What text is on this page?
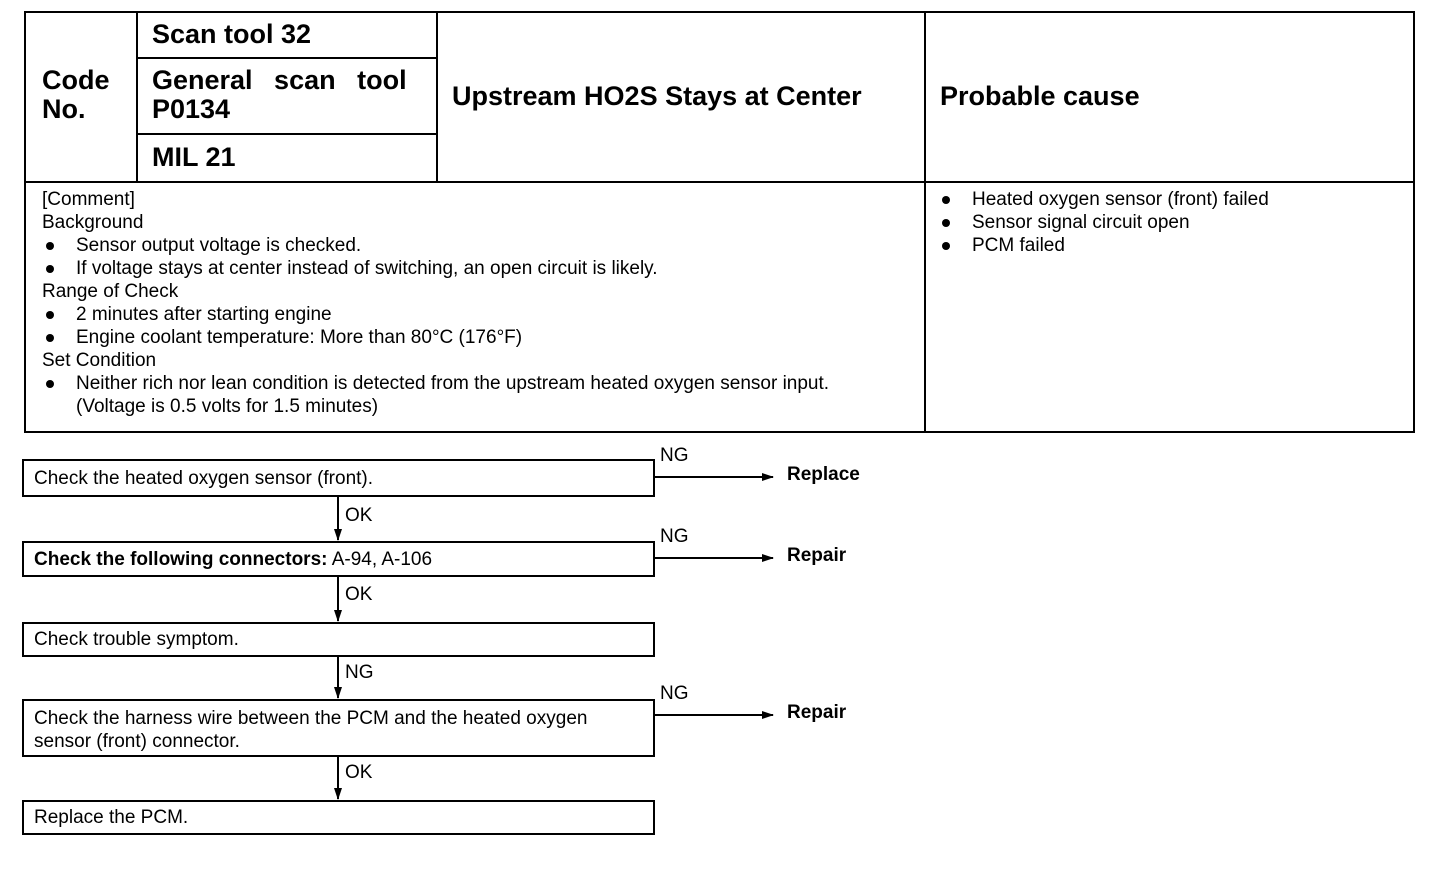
Code No.
Scan tool 32
General scan tool P0134
MIL 21
Upstream HO2S Stays at Center	Probable cause
[Comment]
Background
Sensor output voltage is checked.
If voltage stays at center instead of switching, an open circuit is likely.
Range of Check
2 minutes after starting engine
Engine coolant temperature: More than 80°C (176°F)
Set Condition
Neither rich nor lean condition is detected from the upstream heated oxygen sensor input.
(Voltage is 0.5 volts for 1.5 minutes)
Heated oxygen sensor (front) failed
Sensor signal circuit open
PCM failed
Check the heated oxygen sensor (front).
Check the following connectors: A-94, A-106
Check trouble symptom.
Check the harness wire between the PCM and the heated oxygen sensor (front) connector.
Replace the PCM.
OK
OK
NG
OK
NG
NG
NG
Replace
Repair
Repair
